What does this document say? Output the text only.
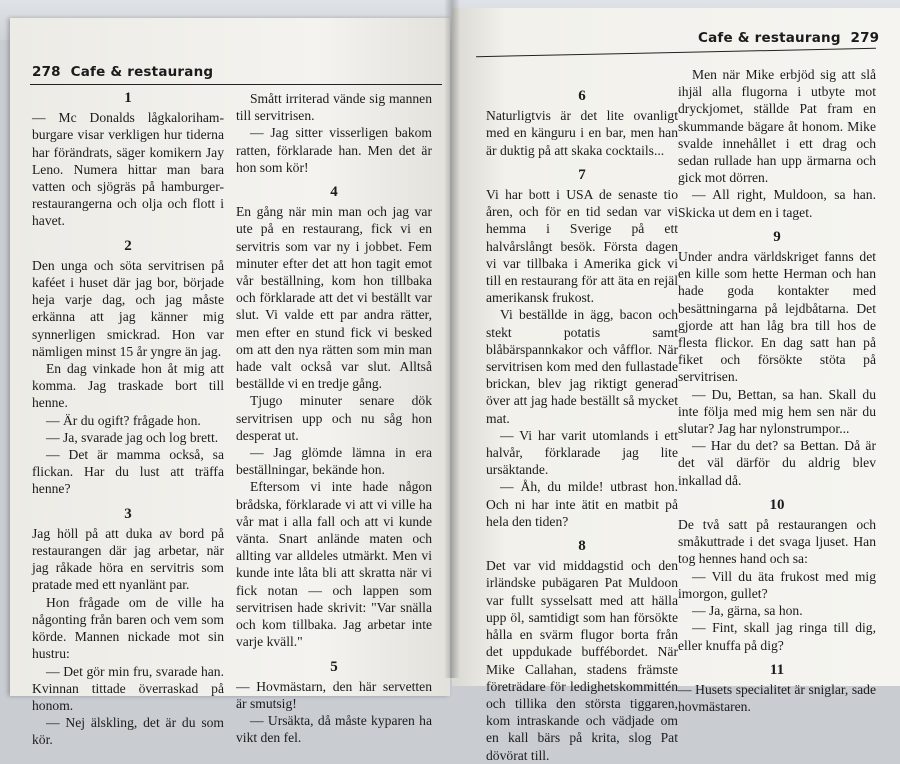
278 Cafe & restaurang
1

— Mc Donalds lågkaloriham-burgare visar verkligen hur tiderna har förändrats, säger komikern Jay Leno. Numera hittar man bara vatten och sjögräs på hamburger-restaurangerna och olja och flott i havet.

2

Den unga och söta servitrisen på kaféet i huset där jag bor, började heja varje dag, och jag måste erkänna att jag känner mig synnerligen smickrad. Hon var nämligen minst 15 år yngre än jag.

En dag vinkade hon åt mig att komma. Jag traskade bort till henne.

— Är du ogift? frågade hon.

— Ja, svarade jag och log brett.

— Det är mamma också, sa flickan. Har du lust att träffa henne?

3

Jag höll på att duka av bord på restaurangen där jag arbetar, när jag råkade höra en servitris som pratade med ett nyanlänt par.

Hon frågade om de ville ha någonting från baren och vem som körde. Mannen nickade mot sin hustru:

— Det gör min fru, svarade han. Kvinnan tittade överraskad på honom.

— Nej älskling, det är du som kör.

Smått irriterad vände sig mannen till servitrisen.

— Jag sitter visserligen bakom ratten, förklarade han. Men det är hon som kör!

4

En gång när min man och jag var ute på en restaurang, fick vi en servitris som var ny i jobbet. Fem minuter efter det att hon tagit emot vår beställning, kom hon tillbaka och förklarade att det vi beställt var slut. Vi valde ett par andra rätter, men efter en stund fick vi besked om att den nya rätten som min man hade valt också var slut. Alltså beställde vi en tredje gång.

Tjugo minuter senare dök servitrisen upp och nu såg hon desperat ut.

— Jag glömde lämna in era beställningar, bekände hon.

Eftersom vi inte hade någon brådska, förklarade vi att vi ville ha vår mat i alla fall och att vi kunde vänta. Snart anlände maten och allting var alldeles utmärkt. Men vi kunde inte låta bli att skratta när vi fick notan — och lappen som servitrisen hade skrivit: "Var snälla och kom tillbaka. Jag arbetar inte varje kväll."

5

— Hovmästarn, den här servetten är smutsig!

— Ursäkta, då måste kyparen ha vikt den fel.

Cafe & restaurang 279
6

Naturligtvis är det lite ovanligt med en känguru i en bar, men han är duktig på att skaka cocktails...

7

Vi har bott i USA de senaste tio åren, och för en tid sedan var vi hemma i Sverige på ett halvårslångt besök. Första dagen vi var tillbaka i Amerika gick vi till en restaurang för att äta en rejäl amerikansk frukost.

Vi beställde in ägg, bacon och stekt potatis samt blåbärspannkakor och våfflor. När servitrisen kom med den fullastade brickan, blev jag riktigt generad över att jag hade beställt så mycket mat.

— Vi har varit utomlands i ett halvår, förklarade jag lite ursäktande.

— Åh, du milde! utbrast hon. Och ni har inte ätit en matbit på hela den tiden?

8

Det var vid middagstid och den irländske pubägaren Pat Muldoon var fullt sysselsatt med att hälla upp öl, samtidigt som han försökte hålla en svärm flugor borta från det uppdukade buffébordet. När Mike Callahan, stadens främste företrädare för ledighetskommittén och tillika den största tiggaren, kom intraskande och vädjade om en kall bärs på krita, slog Pat dövörat till.

Men när Mike erbjöd sig att slå ihjäl alla flugorna i utbyte mot dryckjomet, ställde Pat fram en skummande bägare åt honom. Mike svalde innehållet i ett drag och sedan rullade han upp ärmarna och gick mot dörren.

— All right, Muldoon, sa han. Skicka ut dem en i taget.

9

Under andra världskriget fanns det en kille som hette Herman och han hade goda kontakter med besättningarna på lejdbåtarna. Det gjorde att han låg bra till hos de flesta flickor. En dag satt han på fiket och försökte stöta på servitrisen.

— Du, Bettan, sa han. Skall du inte följa med mig hem sen när du slutar? Jag har nylonstrumpor...

— Har du det? sa Bettan. Då är det väl därför du aldrig blev inkallad då.

10

De två satt på restaurangen och småkuttrade i det svaga ljuset. Han tog hennes hand och sa:

— Vill du äta frukost med mig imorgon, gullet?

— Ja, gärna, sa hon.

— Fint, skall jag ringa till dig, eller knuffa på dig?

11

— Husets specialitet är sniglar, sade hovmästaren.
